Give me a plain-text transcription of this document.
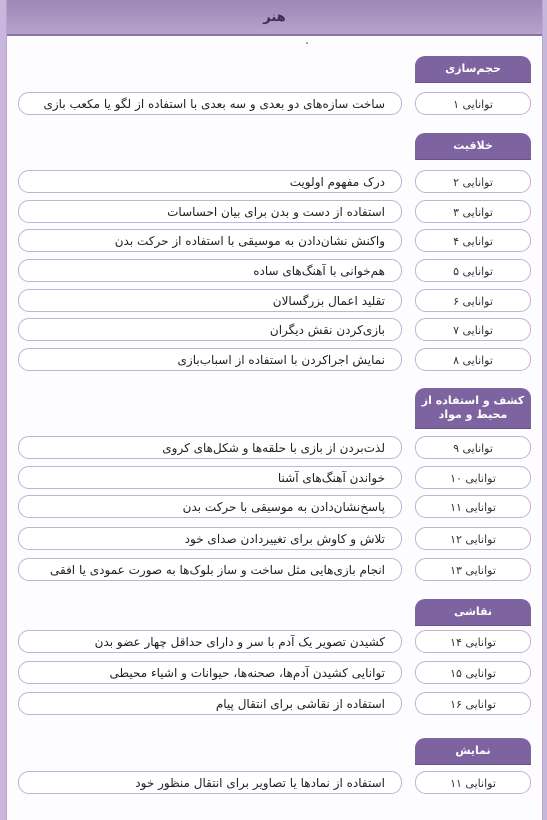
هنر
حجم‌سازی
ساخت سازه‌های دو بعدی و سه بعدی با استفاده از لگو یا مکعب بازی	توانایی ۱
خلاقیت
درک مفهوم اولویت	توانایی ۲
استفاده از دست و بدن برای بیان احساسات	توانایی ۳
واکنش نشان‌دادن به موسیقی با استفاده از حرکت بدن	توانایی ۴
هم‌خوانی با آهنگ‌های ساده	توانایی ۵
تقلید اعمال بزرگسالان	توانایی ۶
بازی‌کردن نقش دیگران	توانایی ۷
نمایش اجراکردن با استفاده از اسباب‌بازی	توانایی ۸
کشف و استفاده از محیط و مواد
لذت‌بردن از بازی با حلقه‌ها و شکل‌های کروی	توانایی ۹
خواندن آهنگ‌های آشنا	توانایی ۱۰
پاسخ‌نشان‌دادن به موسیقی با حرکت بدن	توانایی ۱۱
تلاش و کاوش برای تغییردادن صدای خود	توانایی ۱۲
انجام بازی‌هایی مثل ساخت و ساز بلوک‌ها به صورت عمودی یا افقی	توانایی ۱۳
نقاشی
کشیدن تصویر یک آدم با سر و دارای حداقل چهار عضو بدن	توانایی ۱۴
توانایی کشیدن آدم‌ها، صحنه‌ها، حیوانات و اشیاء محیطی	توانایی ۱۵
استفاده از نقاشی برای انتقال پیام	توانایی ۱۶
نمایش
استفاده از نمادها یا تصاویر برای انتقال منظور خود	توانایی ۱۱
